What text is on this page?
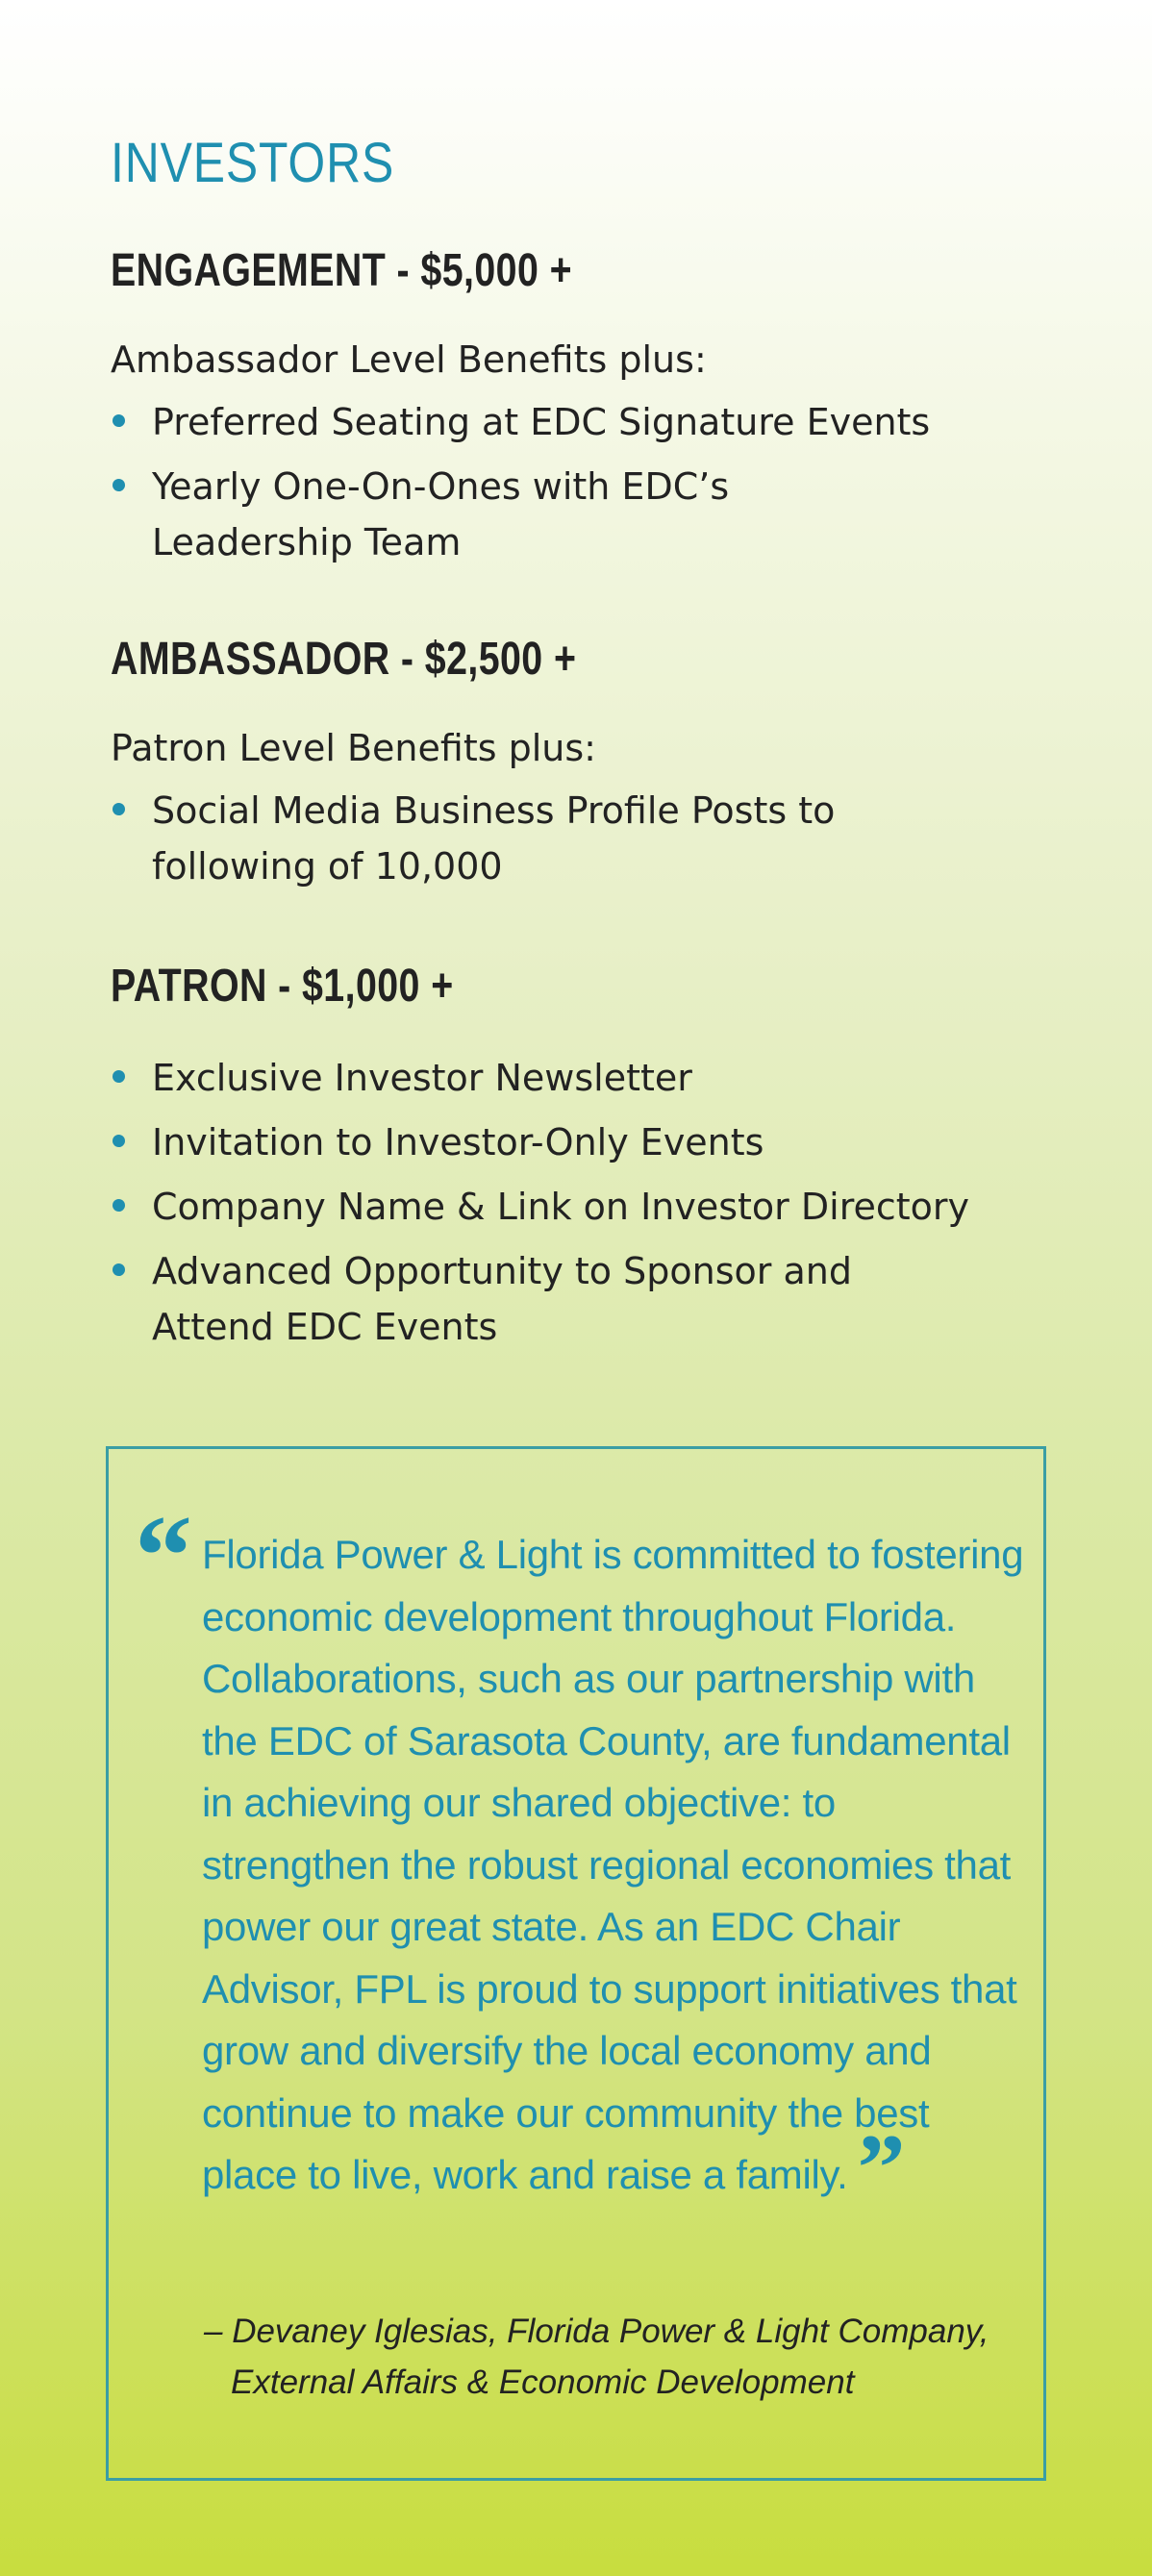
INVESTORS
ENGAGEMENT - $5,000 +

Ambassador Level Benefits plus:

Preferred Seating at EDC Signature Events
Yearly One-On-Ones with EDC’s Leadership Team
AMBASSADOR - $2,500 +

Patron Level Benefits plus:

Social Media Business Profile Posts to following of 10,000
PATRON - $1,000 +
Exclusive Investor Newsletter
Invitation to Investor-Only Events
Company Name & Link on Investor Directory
Advanced Opportunity to Sponsor and Attend EDC Events
“ Florida Power & Light is committed to fostering economic development throughout Florida. Collaborations, such as our partnership with the EDC of Sarasota County, are fundamental in achieving our shared objective: to strengthen the robust regional economies that power our great state. As an EDC Chair Advisor, FPL is proud to support initiatives that grow and diversify the local economy and continue to make our community the best place to live, work and raise a family. ”

– Devaney Iglesias, Florida Power & Light Company,
External Affairs & Economic Development
